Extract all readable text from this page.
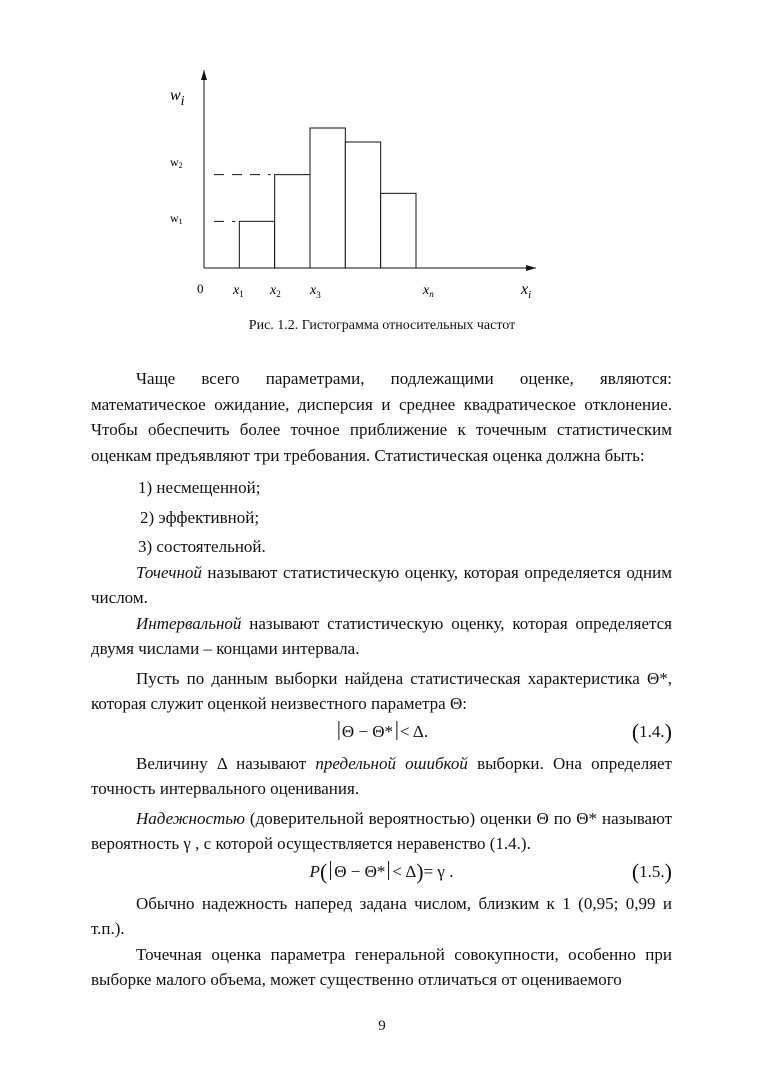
wi
$x_i$
0
w2
w1
$x_1$ $x_2$ $x_3$	$x_n$
Рис. 1.2. Гистограмма относительных частот

Чаще всего параметрами, подлежащими оценке, являются: математическое ожидание, дисперсия и среднее квадратическое отклонение. Чтобы обеспечить более точное приближение к точечным статистическим оценкам предъявляют три требования. Статистическая оценка должна быть:

1) несмещенной;

2) эффективной;

3) состоятельной.

Точечной называют статистическую оценку, которая определяется одним числом.

Интервальной называют статистическую оценку, которая определяется двумя числами – концами интервала.

Пусть по данным выборки найдена статистическая характеристика Θ*, которая служит оценкой неизвестного параметра Θ:

Θ − Θ* < Δ.	(1.4.)

Величину Δ называют предельной ошибкой выборки. Она определяет точность интервального оценивания.

Надежностью (доверительной вероятностью) оценки Θ по Θ* называют вероятность γ , с которой осуществляется неравенство (1.4.).

P( Θ − Θ* < Δ)= γ .	(1.5.)

Обычно надежность наперед задана числом, близким к 1 (0,95; 0,99 и т.п.).

Точечная оценка параметра генеральной совокупности, особенно при выборке малого объема, может существенно отличаться от оцениваемого

9
